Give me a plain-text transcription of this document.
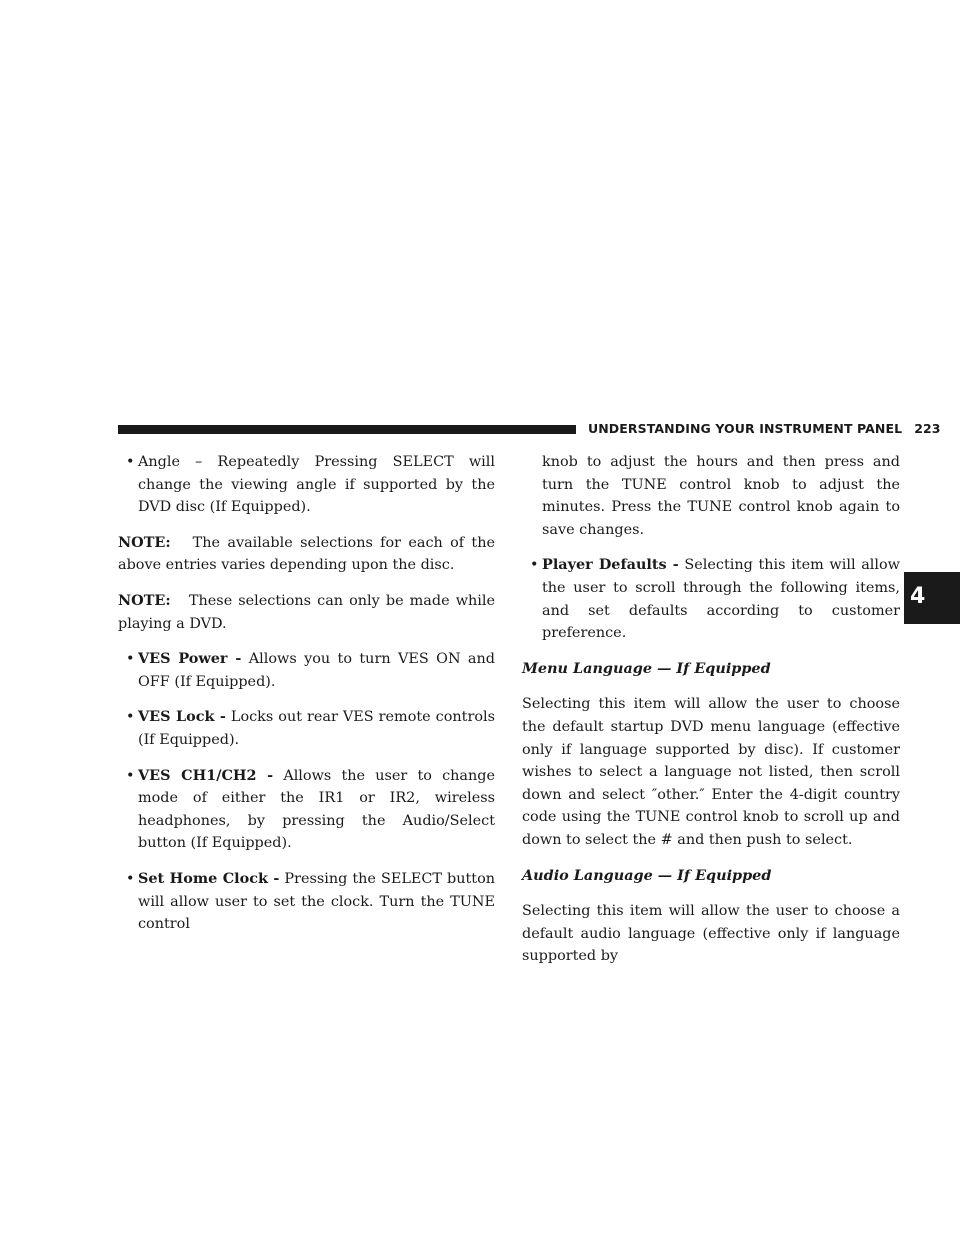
UNDERSTANDING YOUR INSTRUMENT PANEL 223
4
• Angle – Repeatedly Pressing SELECT will change the viewing angle if supported by the DVD disc (If Equipped).

NOTE: The available selections for each of the above entries varies depending upon the disc.

NOTE: These selections can only be made while playing a DVD.

• VES Power - Allows you to turn VES ON and OFF (If Equipped).
• VES Lock - Locks out rear VES remote controls (If Equipped).
• VES CH1/CH2 - Allows the user to change mode of either the IR1 or IR2, wireless headphones, by pressing the Audio/Select button (If Equipped).
• Set Home Clock - Pressing the SELECT button will allow user to set the clock. Turn the TUNE control
knob to adjust the hours and then press and turn the TUNE control knob to adjust the minutes. Press the TUNE control knob again to save changes.
• Player Defaults - Selecting this item will allow the user to scroll through the following items, and set defaults according to customer preference.

Menu Language — If Equipped

Selecting this item will allow the user to choose the default startup DVD menu language (effective only if language supported by disc). If customer wishes to select a language not listed, then scroll down and select ″other.″ Enter the 4-digit country code using the TUNE control knob to scroll up and down to select the # and then push to select.

Audio Language — If Equipped

Selecting this item will allow the user to choose a default audio language (effective only if language supported by
